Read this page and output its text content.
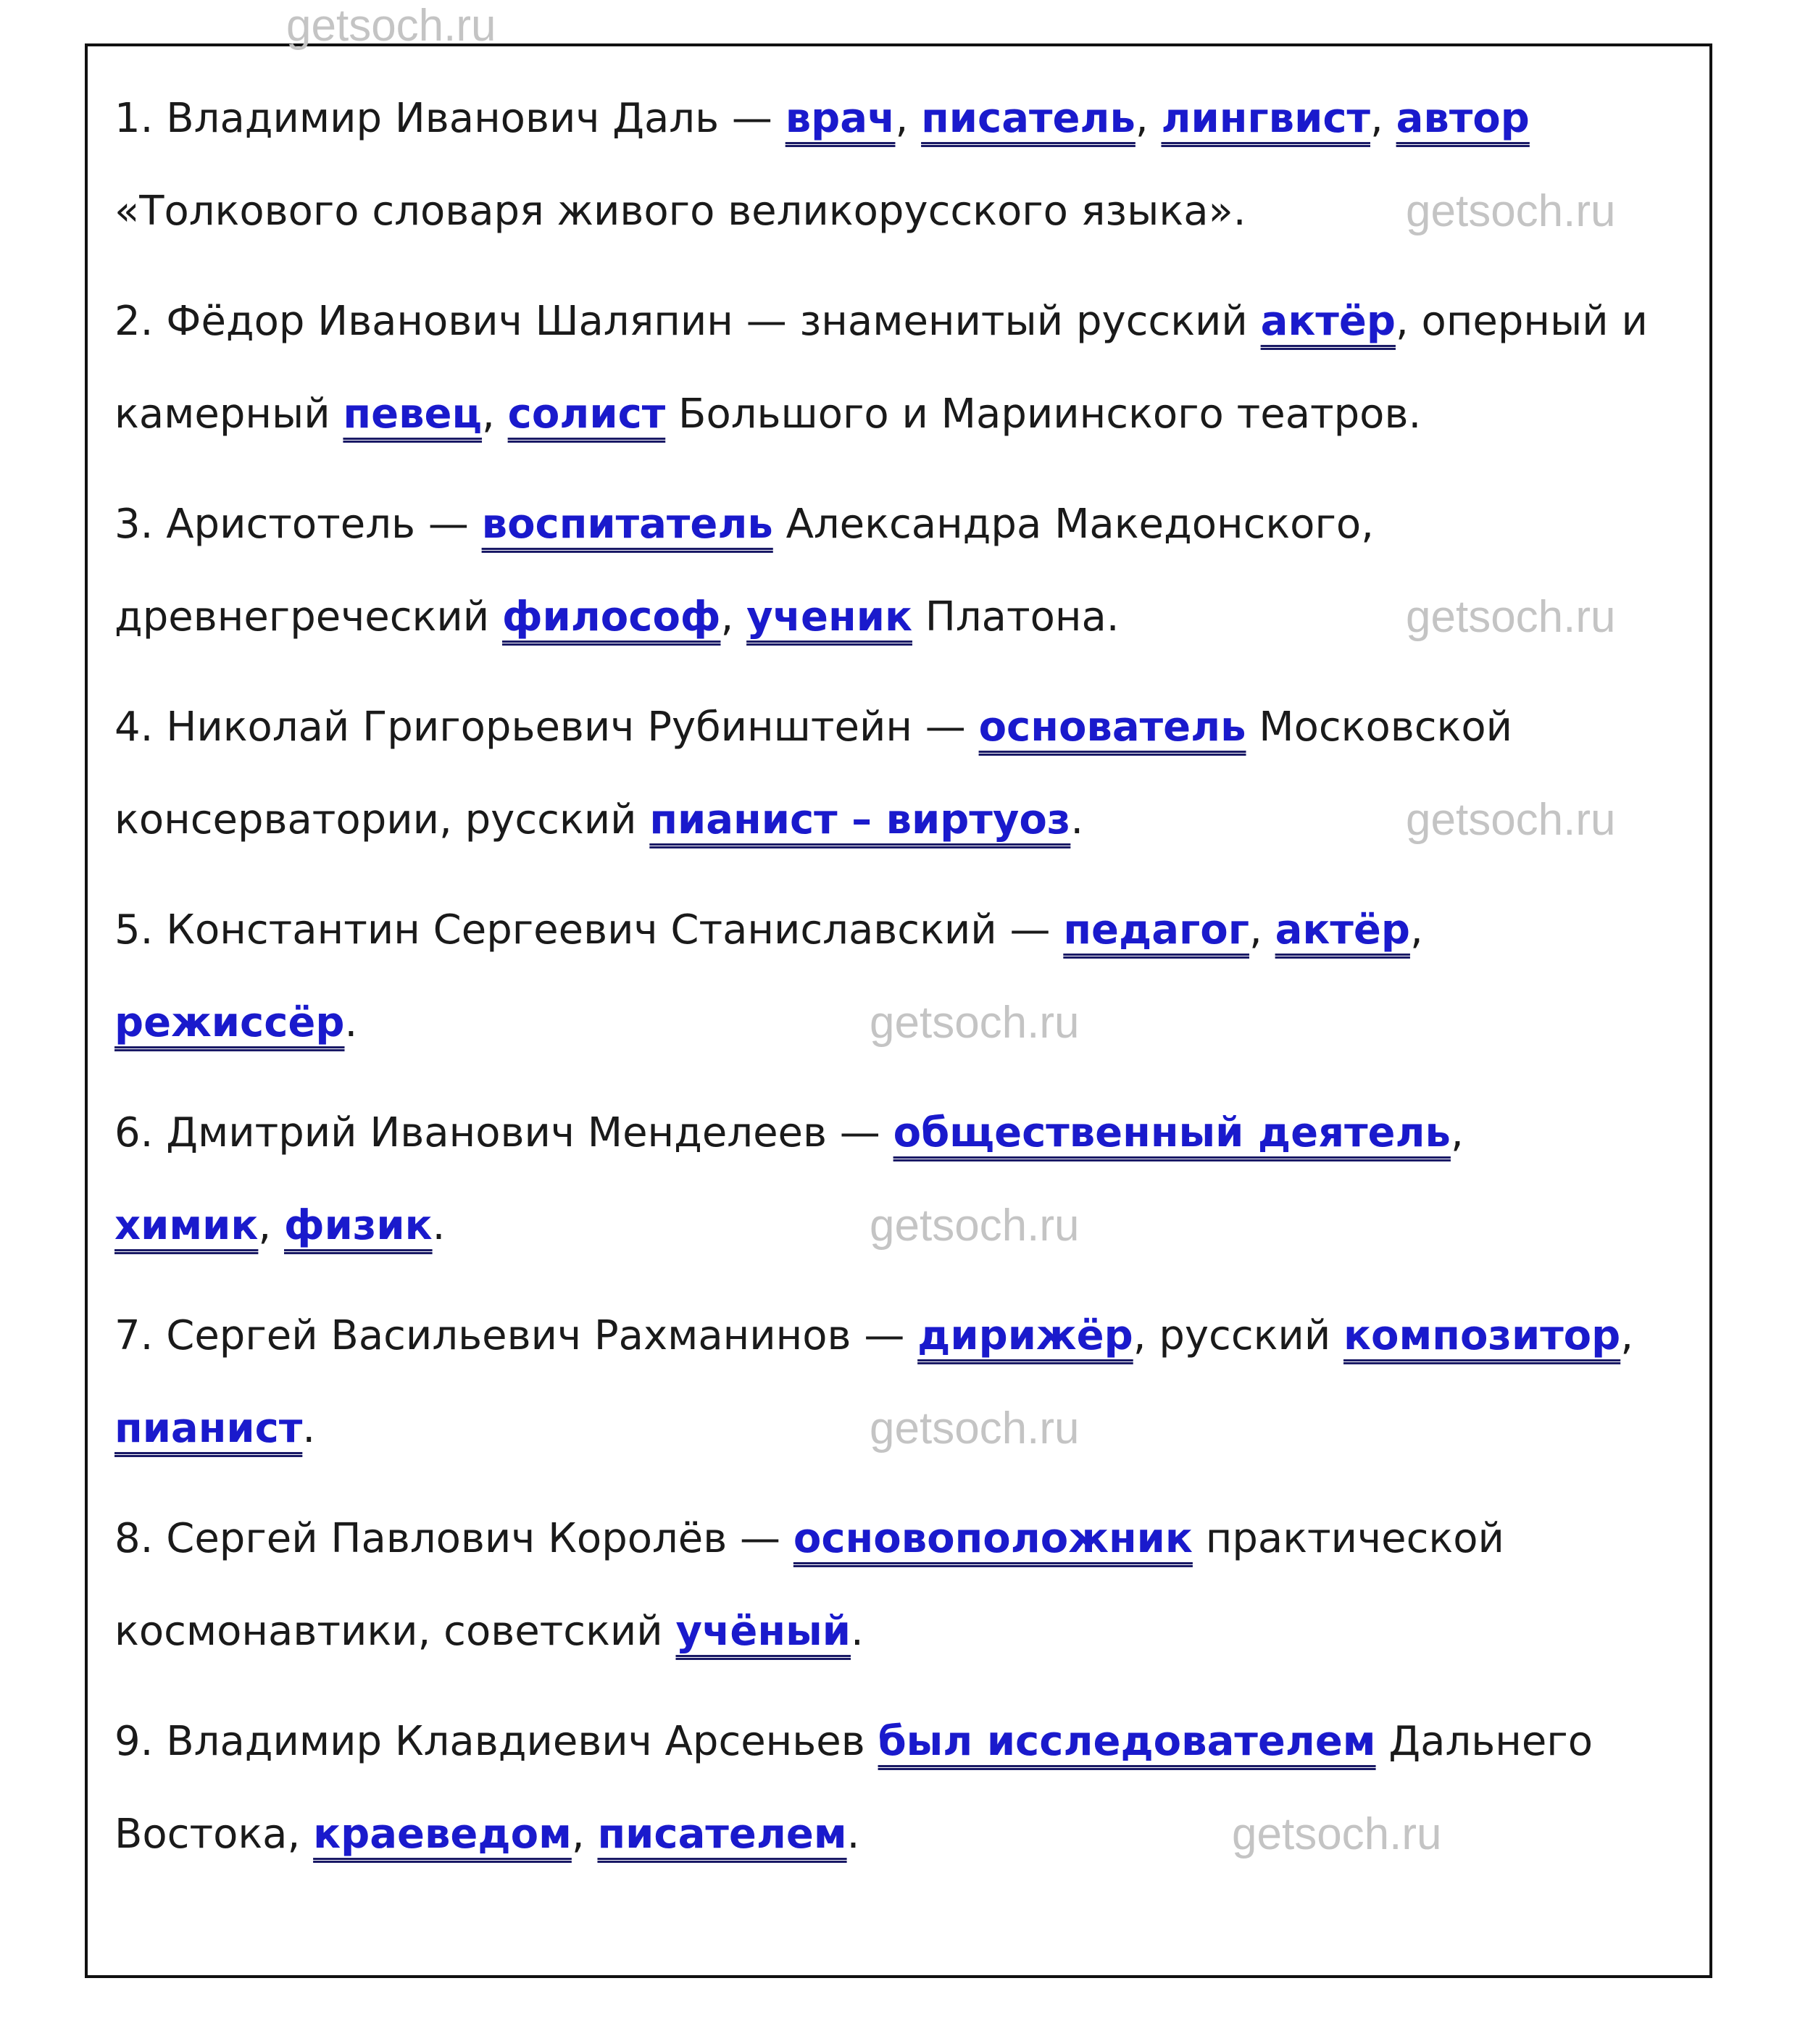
1. Владимир Иванович Даль — врач, писатель, лингвист, автор
«Толкового словаря живого великорусского языка».
2. Фёдор Иванович Шаляпин — знаменитый русский актёр, оперный и
камерный певец, солист Большого и Мариинского театров.
3. Аристотель — воспитатель Александра Македонского,
древнегреческий философ, ученик Платона.
4. Николай Григорьевич Рубинштейн — основатель Московской
консерватории, русский пианист – виртуоз.
5. Константин Сергеевич Станиславский — педагог, актёр,
режиссёр.
6. Дмитрий Иванович Менделеев — общественный деятель,
химик, физик.
7. Сергей Васильевич Рахманинов — дирижёр, русский композитор,
пианист.
8. Сергей Павлович Королёв — основоположник практической
космонавтики, советский учёный.
9. Владимир Клавдиевич Арсеньев был исследователем Дальнего
Востока, краеведом, писателем.
getsoch.ru
getsoch.ru
getsoch.ru
getsoch.ru
getsoch.ru
getsoch.ru
getsoch.ru
getsoch.ru
